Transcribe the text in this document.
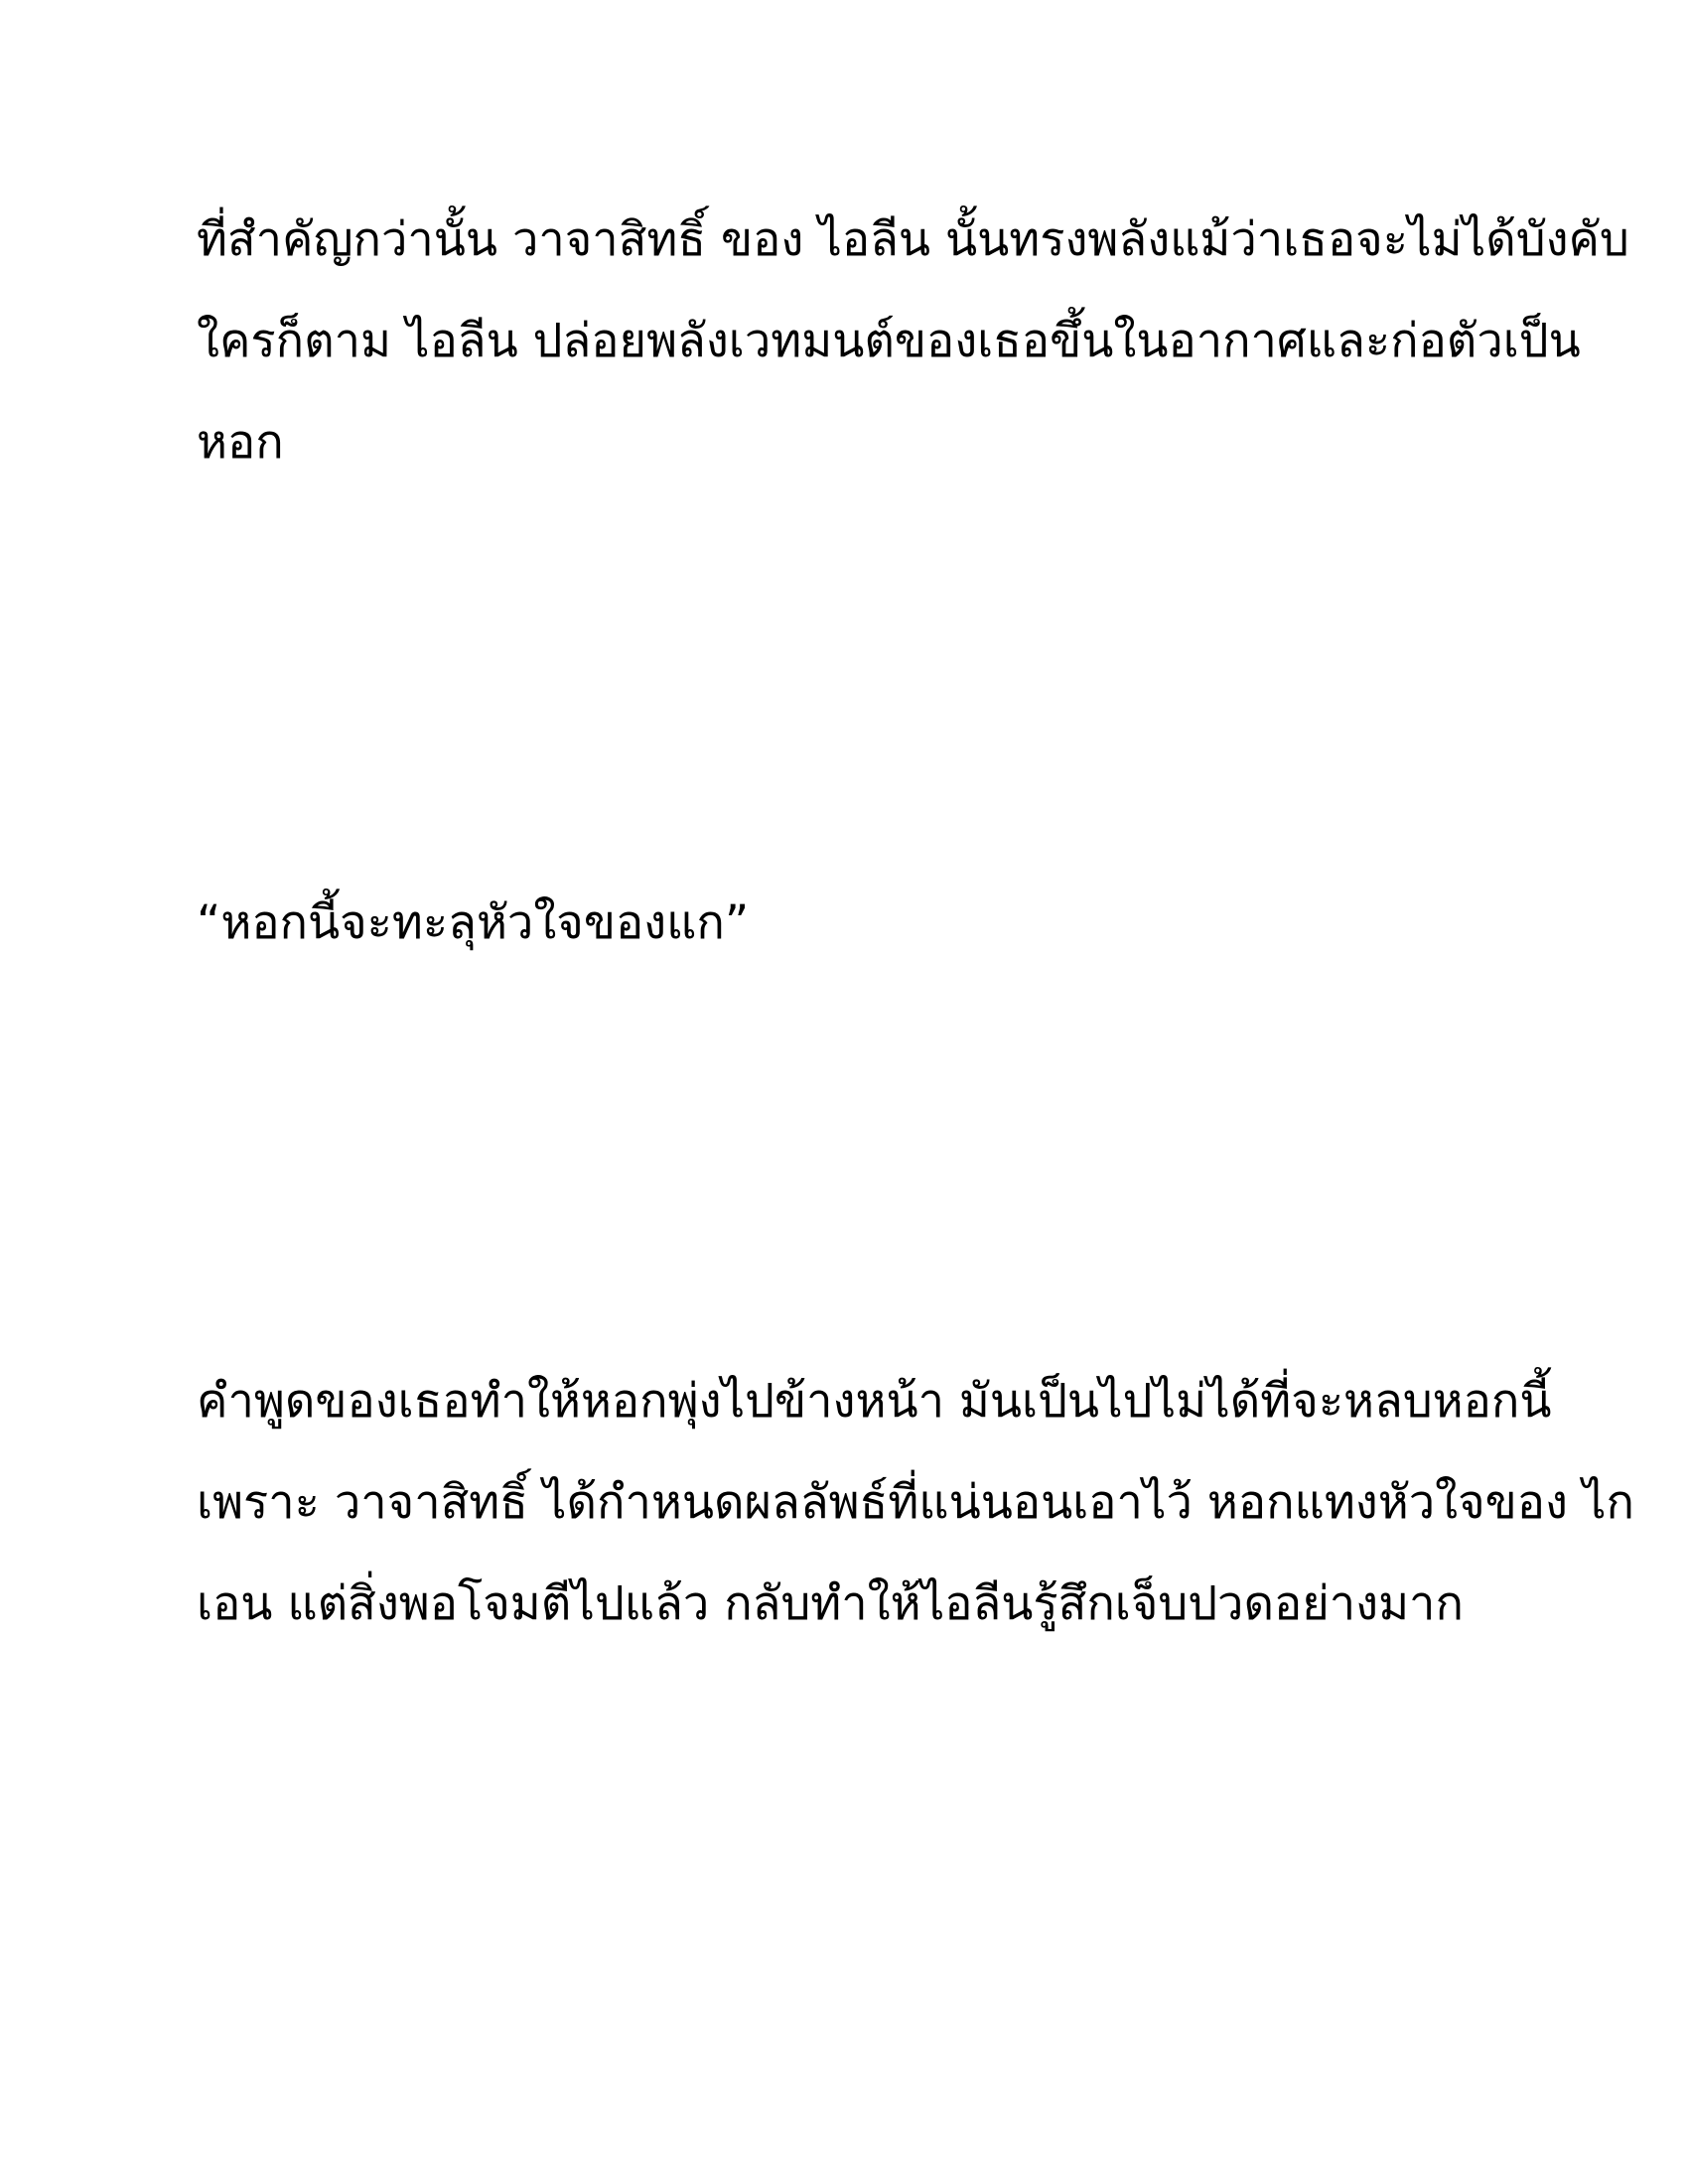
ที่สำคัญกว่านั้น วาจาสิทธิ์ ของ ไอลีน นั้นทรงพลังแม้ว่าเธอจะไม่ได้บังคับ
ใครก็ตาม ไอลีน ปล่อยพลังเวทมนต์ของเธอขึ้นในอากาศและก่อตัวเป็น
หอก
“หอกนี้จะทะลุหัวใจของแก”
คำพูดของเธอทำให้หอกพุ่งไปข้างหน้า มันเป็นไปไม่ได้ที่จะหลบหอกนี้
เพราะ วาจาสิทธิ์ ได้กำหนดผลลัพธ์ที่แน่นอนเอาไว้ หอกแทงหัวใจของ ไก
เอน แต่สิ่งพอโจมตีไปแล้ว กลับทำให้ไอลีนรู้สึกเจ็บปวดอย่างมาก
